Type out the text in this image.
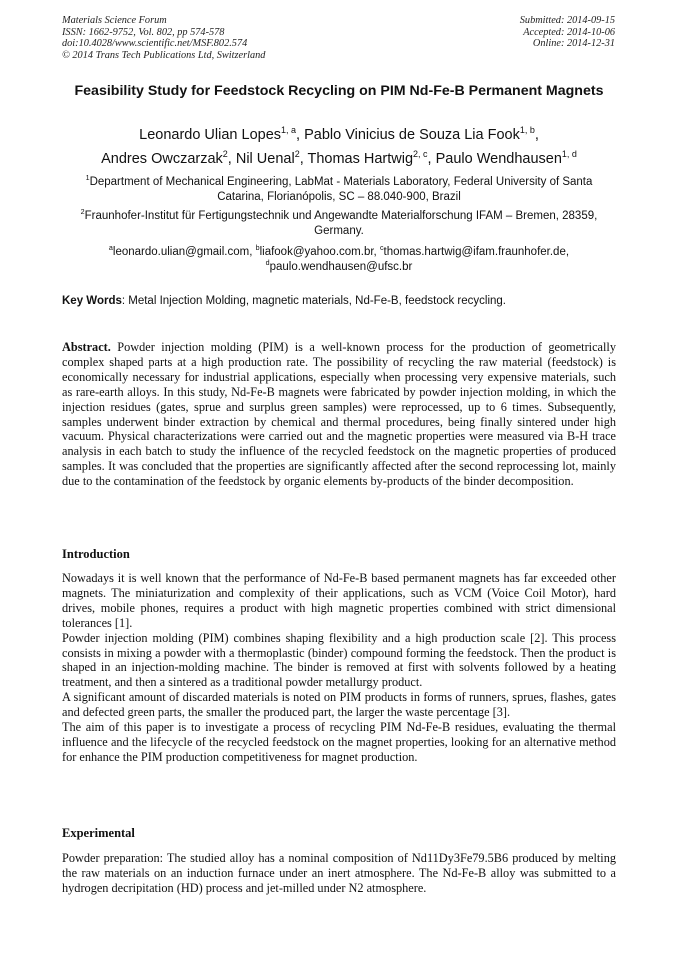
Materials Science Forum
ISSN: 1662-9752, Vol. 802, pp 574-578
doi:10.4028/www.scientific.net/MSF.802.574
© 2014 Trans Tech Publications Ltd, Switzerland
Submitted: 2014-09-15
Accepted: 2014-10-06
Online: 2014-12-31
Feasibility Study for Feedstock Recycling on PIM Nd-Fe-B Permanent Magnets
Leonardo Ulian Lopes$^{1, a}$, Pablo Vinicius de Souza Lia Fook$^{1, b}$,
Andres Owczarzak$^2$, Nil Uenal$^2$, Thomas Hartwig$^{2, c}$, Paulo Wendhausen$^{1, d}$
$^1$Department of Mechanical Engineering, LabMat - Materials Laboratory, Federal University of Santa Catarina, Florianópolis, SC – 88.040-900, Brazil
$^2$Fraunhofer-Institut für Fertigungstechnik und Angewandte Materialforschung IFAM – Bremen, 28359, Germany.
$^a$leonardo.ulian@gmail.com, $^b$liafook@yahoo.com.br, $^c$thomas.hartwig@ifam.fraunhofer.de,
$^d$paulo.wendhausen@ufsc.br
Key Words: Metal Injection Molding, magnetic materials, Nd-Fe-B, feedstock recycling.
Abstract. Powder injection molding (PIM) is a well-known process for the production of geometrically complex shaped parts at a high production rate. The possibility of recycling the raw material (feedstock) is economically necessary for industrial applications, especially when processing very expensive materials, such as rare-earth alloys. In this study, Nd-Fe-B magnets were fabricated by powder injection molding, in which the injection residues (gates, sprue and surplus green samples) were reprocessed, up to 6 times. Subsequently, samples underwent binder extraction by chemical and thermal procedures, being finally sintered under high vacuum. Physical characterizations were carried out and the magnetic properties were measured via B-H trace analysis in each batch to study the influence of the recycled feedstock on the magnetic properties of produced samples. It was concluded that the properties are significantly affected after the second reprocessing lot, mainly due to the contamination of the feedstock by organic elements by-products of the binder decomposition.
Introduction

Nowadays it is well known that the performance of Nd-Fe-B based permanent magnets has far exceeded other magnets. The miniaturization and complexity of their applications, such as VCM (Voice Coil Motor), hard drives, mobile phones, requires a product with high magnetic properties combined with strict dimensional tolerances [1].

Powder injection molding (PIM) combines shaping flexibility and a high production scale [2]. This process consists in mixing a powder with a thermoplastic (binder) compound forming the feedstock. Then the product is shaped in an injection-molding machine. The binder is removed at first with solvents followed by a heating treatment, and then a sintered as a traditional powder metallurgy product.

A significant amount of discarded materials is noted on PIM products in forms of runners, sprues, flashes, gates and defected green parts, the smaller the produced part, the larger the waste percentage [3].

The aim of this paper is to investigate a process of recycling PIM Nd-Fe-B residues, evaluating the thermal influence and the lifecycle of the recycled feedstock on the magnet properties, looking for an alternative method for enhance the PIM production competitiveness for magnet production.

Experimental

Powder preparation: The studied alloy has a nominal composition of Nd11Dy3Fe79.5B6 produced by melting the raw materials on an induction furnace under an inert atmosphere. The Nd-Fe-B alloy was submitted to a hydrogen decripitation (HD) process and jet-milled under N2 atmosphere.
